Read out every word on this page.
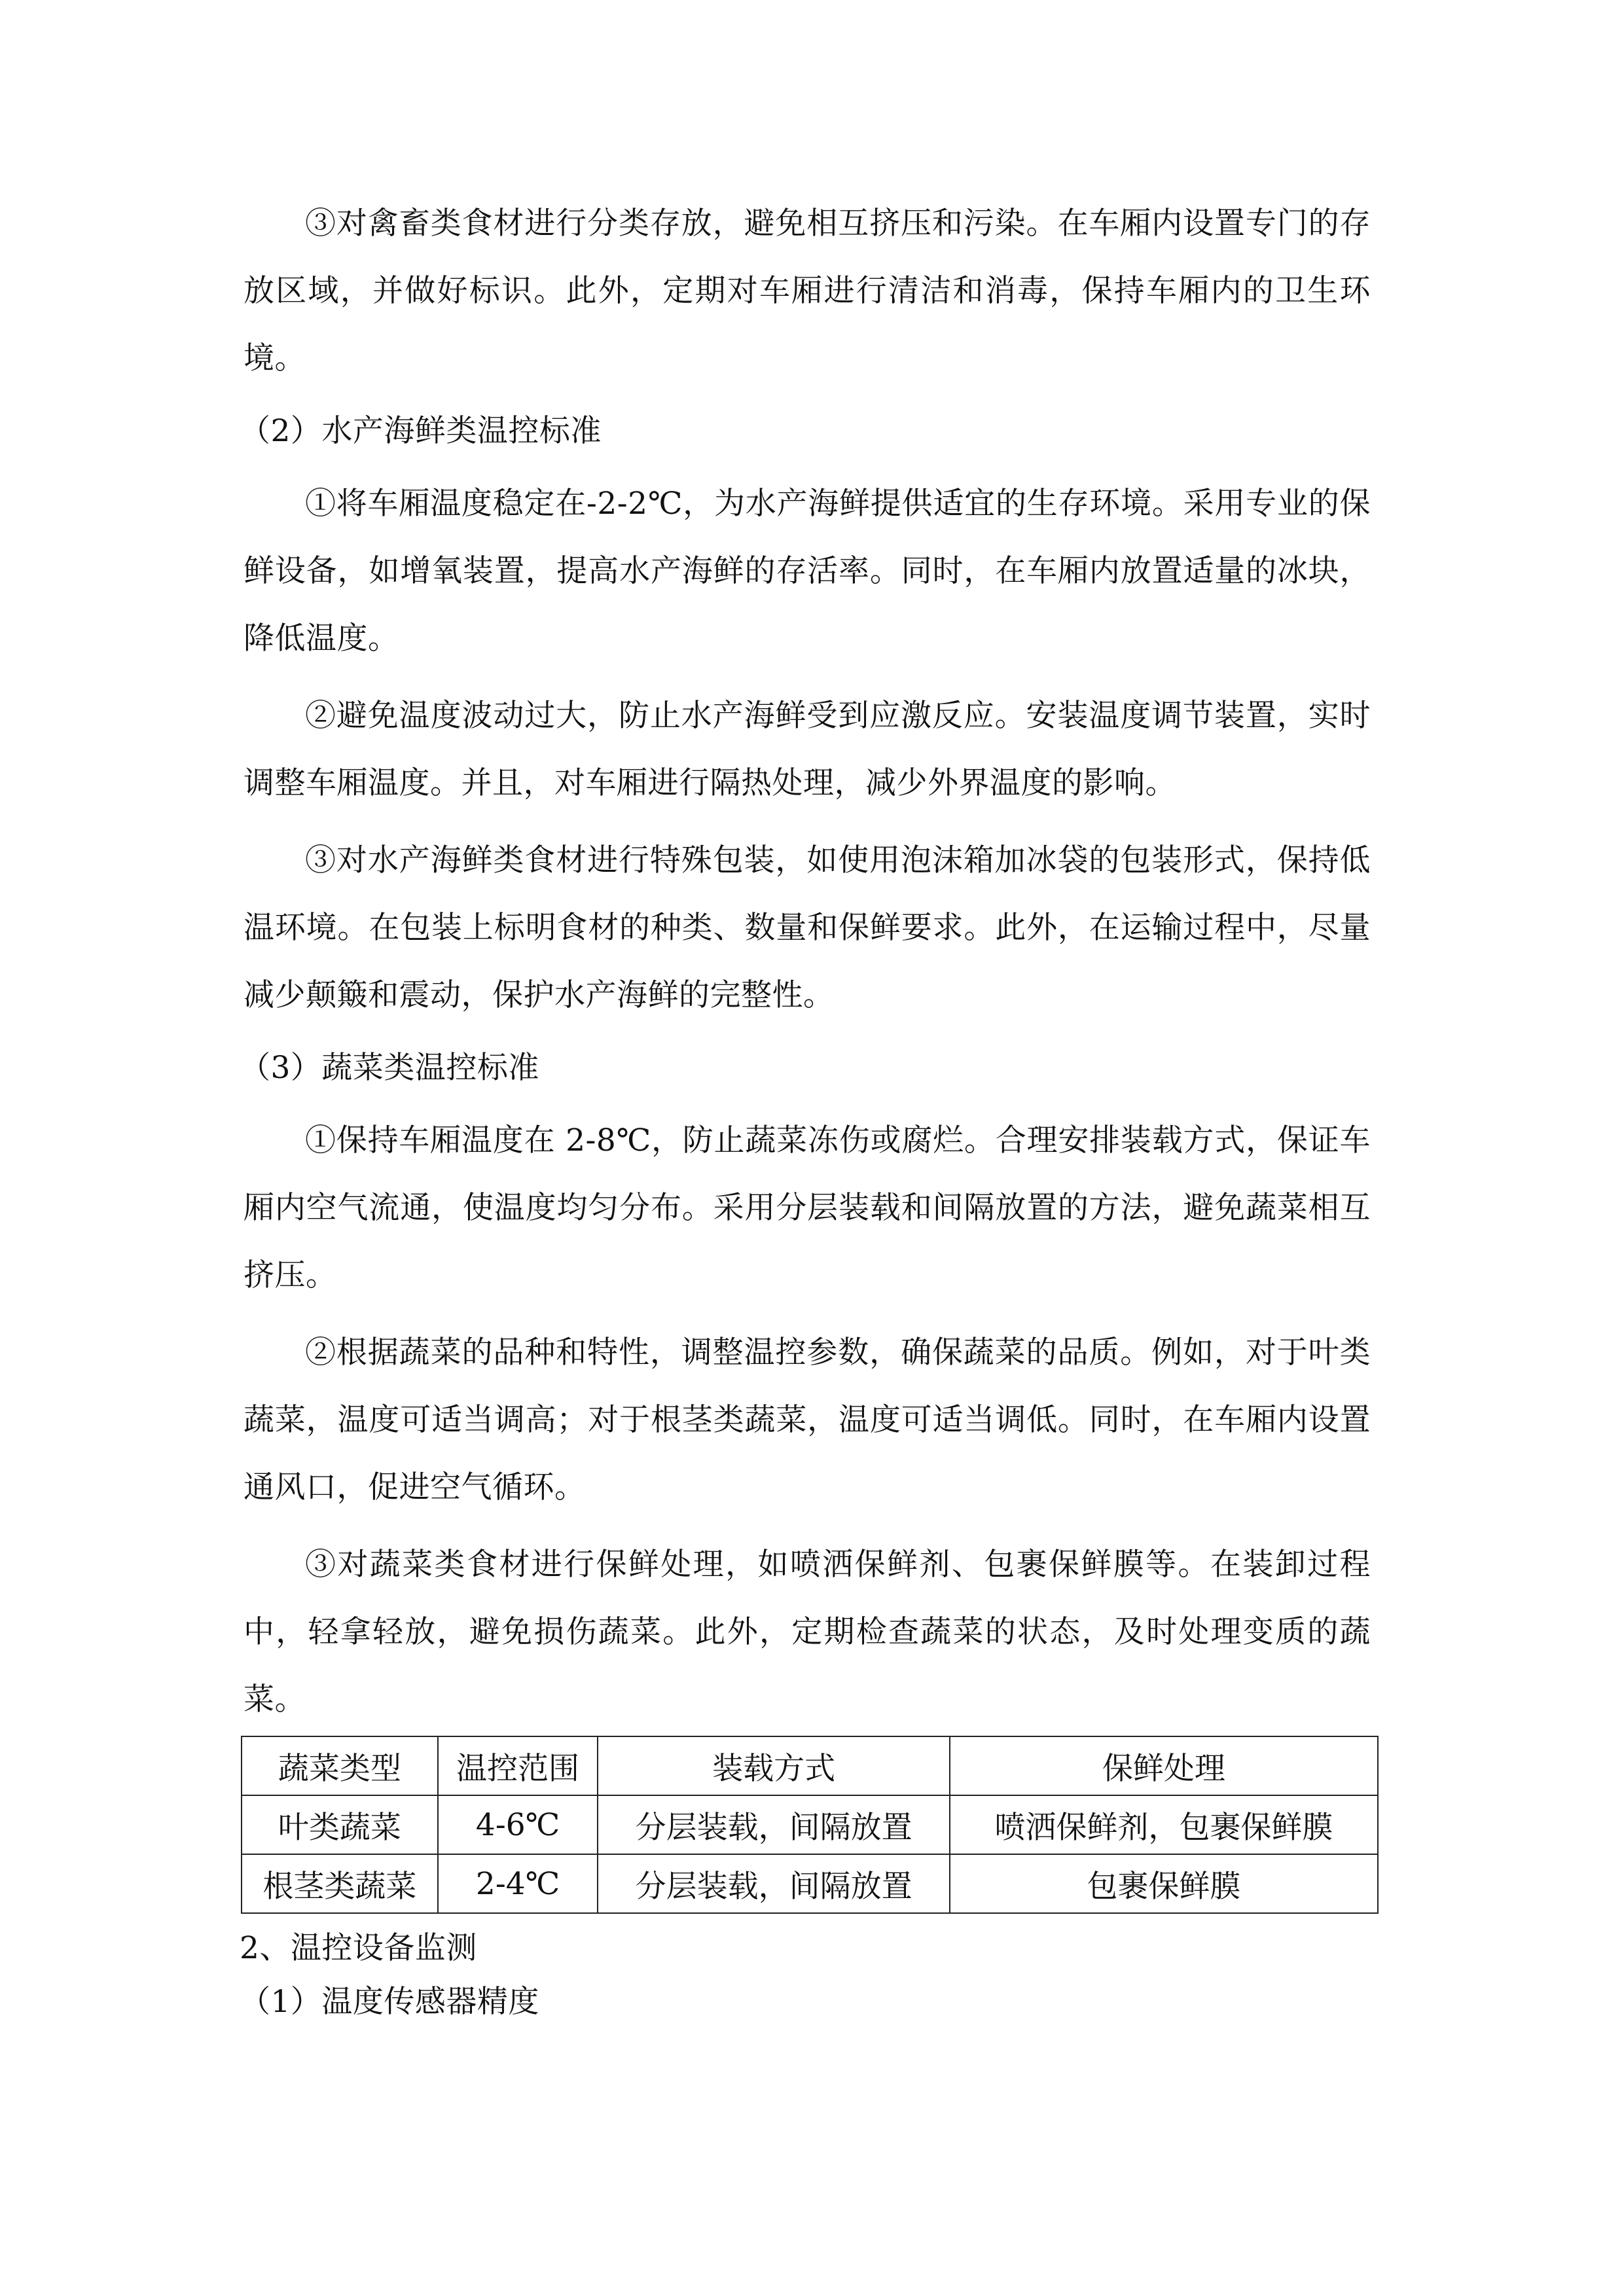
③对禽畜类食材进行分类存放，避免相互挤压和污染。在车厢内设置专门的存放区域，并做好标识。此外，定期对车厢进行清洁和消毒，保持车厢内的卫生环境。

（2）水产海鲜类温控标准

①将车厢温度稳定在-2-2℃，为水产海鲜提供适宜的生存环境。采用专业的保鲜设备，如增氧装置，提高水产海鲜的存活率。同时，在车厢内放置适量的冰块，降低温度。

②避免温度波动过大，防止水产海鲜受到应激反应。安装温度调节装置，实时调整车厢温度。并且，对车厢进行隔热处理，减少外界温度的影响。

③对水产海鲜类食材进行特殊包装，如使用泡沫箱加冰袋的包装形式，保持低温环境。在包装上标明食材的种类、数量和保鲜要求。此外，在运输过程中，尽量减少颠簸和震动，保护水产海鲜的完整性。

（3）蔬菜类温控标准

①保持车厢温度在 2-8℃，防止蔬菜冻伤或腐烂。合理安排装载方式，保证车厢内空气流通，使温度均匀分布。采用分层装载和间隔放置的方法，避免蔬菜相互挤压。

②根据蔬菜的品种和特性，调整温控参数，确保蔬菜的品质。例如，对于叶类蔬菜，温度可适当调高；对于根茎类蔬菜，温度可适当调低。同时，在车厢内设置通风口，促进空气循环。

③对蔬菜类食材进行保鲜处理，如喷洒保鲜剂、包裹保鲜膜等。在装卸过程中，轻拿轻放，避免损伤蔬菜。此外，定期检查蔬菜的状态，及时处理变质的蔬菜。

蔬菜类型	温控范围	装载方式	保鲜处理
叶类蔬菜	4-6℃	分层装载，间隔放置	喷洒保鲜剂，包裹保鲜膜
根茎类蔬菜	2-4℃	分层装载，间隔放置	包裹保鲜膜
2、温控设备监测
（1）温度传感器精度
